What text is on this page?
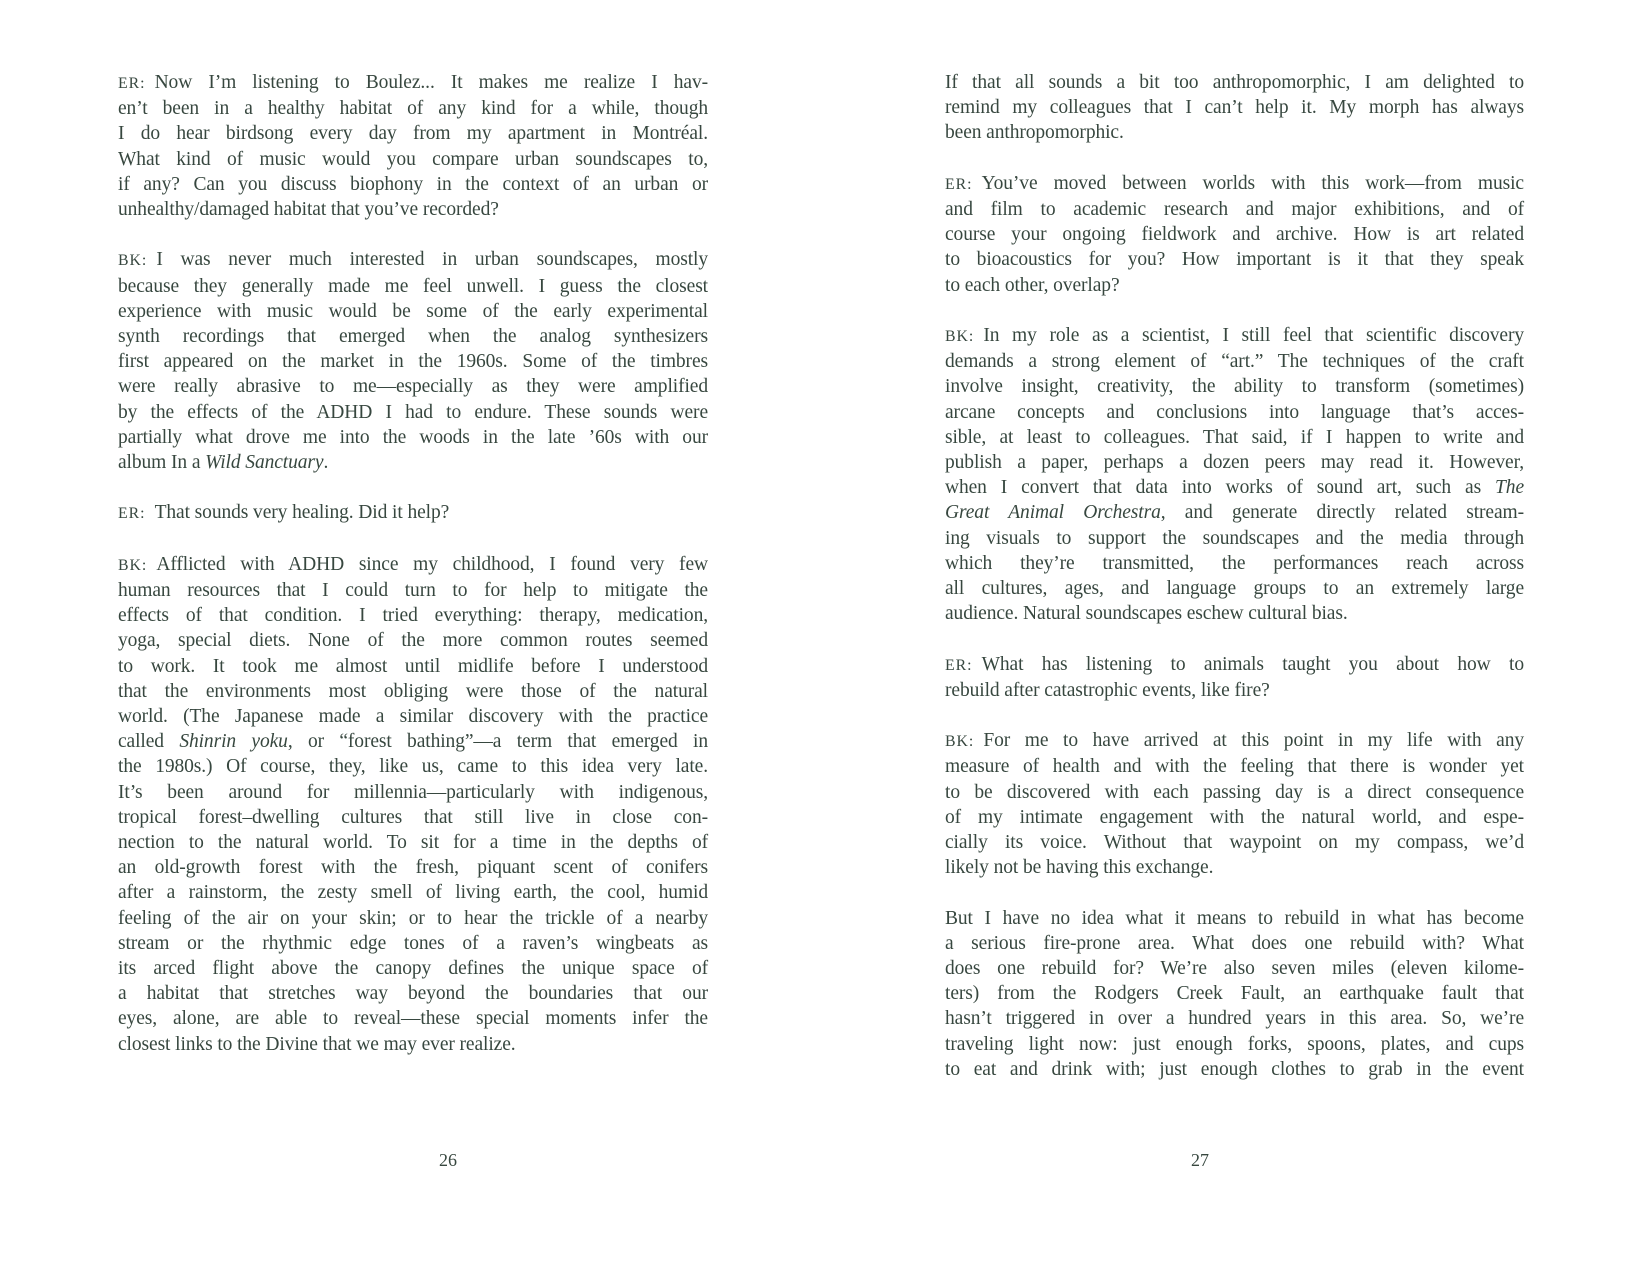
ER: Now I’m listening to Boulez... It makes me realize I hav-
en’t been in a healthy habitat of any kind for a while, though
I do hear birdsong every day from my apartment in Montréal.
What kind of music would you compare urban soundscapes to,
if any? Can you discuss biophony in the context of an urban or
unhealthy/damaged habitat that you’ve recorded?
BK: I was never much interested in urban soundscapes, mostly
because they generally made me feel unwell. I guess the closest
experience with music would be some of the early experimental
synth recordings that emerged when the analog synthesizers
first appeared on the market in the 1960s. Some of the timbres
were really abrasive to me—especially as they were amplified
by the effects of the ADHD I had to endure. These sounds were
partially what drove me into the woods in the late ’60s with our
album In a Wild Sanctuary.
ER: That sounds very healing. Did it help?
BK: Afflicted with ADHD since my childhood, I found very few
human resources that I could turn to for help to mitigate the
effects of that condition. I tried everything: therapy, medication,
yoga, special diets. None of the more common routes seemed
to work. It took me almost until midlife before I understood
that the environments most obliging were those of the natural
world. (The Japanese made a similar discovery with the practice
called Shinrin yoku, or “forest bathing”—a term that emerged in
the 1980s.) Of course, they, like us, came to this idea very late.
It’s been around for millennia—particularly with indigenous,
tropical forest–dwelling cultures that still live in close con-
nection to the natural world. To sit for a time in the depths of
an old-growth forest with the fresh, piquant scent of conifers
after a rainstorm, the zesty smell of living earth, the cool, humid
feeling of the air on your skin; or to hear the trickle of a nearby
stream or the rhythmic edge tones of a raven’s wingbeats as
its arced flight above the canopy defines the unique space of
a habitat that stretches way beyond the boundaries that our
eyes, alone, are able to reveal—these special moments infer the
closest links to the Divine that we may ever realize.
If that all sounds a bit too anthropomorphic, I am delighted to
remind my colleagues that I can’t help it. My morph has always
been anthropomorphic.
ER: You’ve moved between worlds with this work—from music
and film to academic research and major exhibitions, and of
course your ongoing fieldwork and archive. How is art related
to bioacoustics for you? How important is it that they speak
to each other, overlap?
BK: In my role as a scientist, I still feel that scientific discovery
demands a strong element of “art.” The techniques of the craft
involve insight, creativity, the ability to transform (sometimes)
arcane concepts and conclusions into language that’s acces-
sible, at least to colleagues. That said, if I happen to write and
publish a paper, perhaps a dozen peers may read it. However,
when I convert that data into works of sound art, such as The
Great Animal Orchestra, and generate directly related stream-
ing visuals to support the soundscapes and the media through
which they’re transmitted, the performances reach across
all cultures, ages, and language groups to an extremely large
audience. Natural soundscapes eschew cultural bias.
ER: What has listening to animals taught you about how to
rebuild after catastrophic events, like fire?
BK: For me to have arrived at this point in my life with any
measure of health and with the feeling that there is wonder yet
to be discovered with each passing day is a direct consequence
of my intimate engagement with the natural world, and espe-
cially its voice. Without that waypoint on my compass, we’d
likely not be having this exchange.
But I have no idea what it means to rebuild in what has become
a serious fire-prone area. What does one rebuild with? What
does one rebuild for? We’re also seven miles (eleven kilome-
ters) from the Rodgers Creek Fault, an earthquake fault that
hasn’t triggered in over a hundred years in this area. So, we’re
traveling light now: just enough forks, spoons, plates, and cups
to eat and drink with; just enough clothes to grab in the event
26	27
